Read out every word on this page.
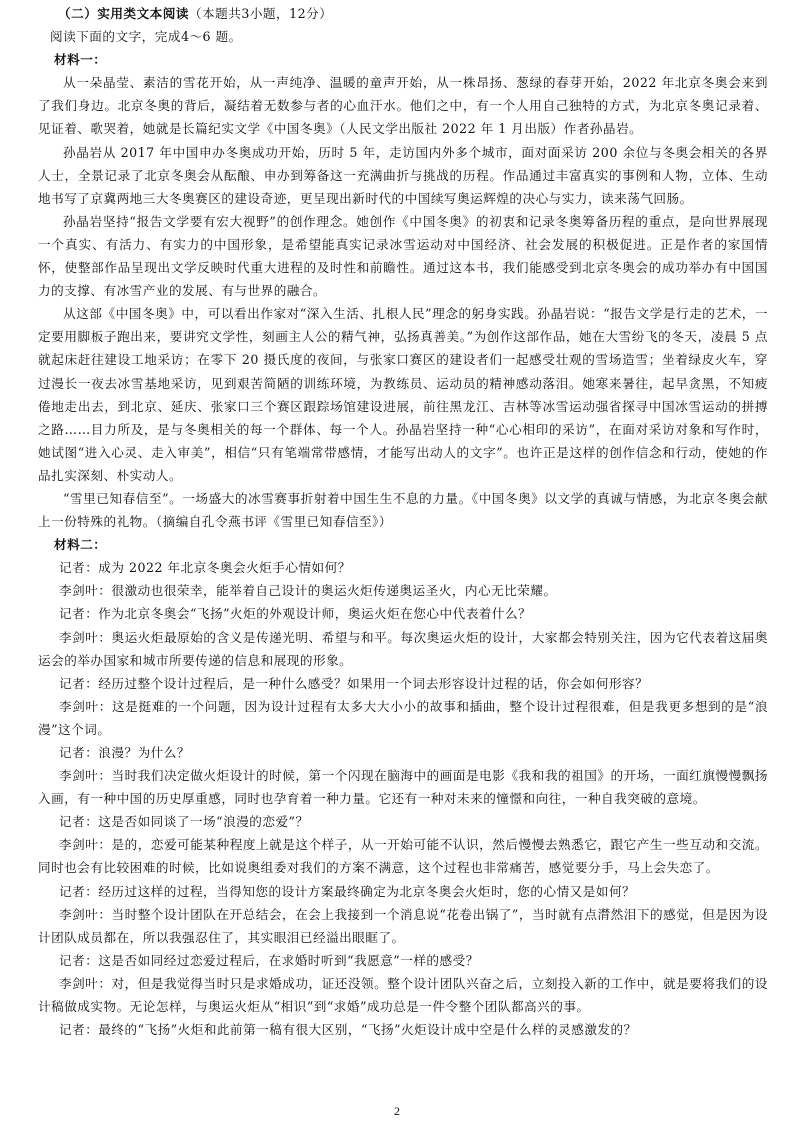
（二）实用类文本阅读（本题共3小题，12分）
阅读下面的文字，完成4～6 题。
材料一：

从一朵晶莹、素洁的雪花开始，从一声纯净、温暖的童声开始，从一株昂扬、葱绿的春芽开始，2022 年北京冬奥会来到了我们身边。北京冬奥的背后，凝结着无数参与者的心血汗水。他们之中，有一个人用自己独特的方式，为北京冬奥记录着、见证着、歌哭着，她就是长篇纪实文学《中国冬奥》（人民文学出版社 2022 年 1 月出版）作者孙晶岩。

孙晶岩从 2017 年中国申办冬奥成功开始，历时 5 年，走访国内外多个城市，面对面采访 200 余位与冬奥会相关的各界人士，全景记录了北京冬奥会从酝酿、申办到筹备这一充满曲折与挑战的历程。作品通过丰富真实的事例和人物，立体、生动地书写了京冀两地三大冬奥赛区的建设奇迹，更呈现出新时代的中国续写奥运辉煌的决心与实力，读来荡气回肠。

孙晶岩坚持“报告文学要有宏大视野”的创作理念。她创作《中国冬奥》的初衷和记录冬奥筹备历程的重点，是向世界展现一个真实、有活力、有实力的中国形象，是希望能真实记录冰雪运动对中国经济、社会发展的积极促进。正是作者的家国情怀，使整部作品呈现出文学反映时代重大进程的及时性和前瞻性。通过这本书，我们能感受到北京冬奥会的成功举办有中国国力的支撑、有冰雪产业的发展、有与世界的融合。

从这部《中国冬奥》中，可以看出作家对“深入生活、扎根人民”理念的躬身实践。孙晶岩说：“报告文学是行走的艺术，一定要用脚板子跑出来，要讲究文学性，刻画主人公的精气神，弘扬真善美。”为创作这部作品，她在大雪纷飞的冬天，凌晨 5 点就起床赶往建设工地采访；在零下 20 摄氏度的夜间，与张家口赛区的建设者们一起感受壮观的雪场造雪；坐着绿皮火车，穿过漫长一夜去冰雪基地采访，见到艰苦简陋的训练环境，为教练员、运动员的精神感动落泪。她寒来暑往，起早贪黑，不知疲倦地走出去，到北京、延庆、张家口三个赛区跟踪场馆建设进展，前往黑龙江、吉林等冰雪运动强省探寻中国冰雪运动的拼搏之路……目力所及，是与冬奥相关的每一个群体、每一个人。孙晶岩坚持一种“心心相印的采访”，在面对采访对象和写作时，她试图“进入心灵、走入审美”，相信“只有笔端常带感情，才能写出动人的文字”。也许正是这样的创作信念和行动，使她的作品扎实深刻、朴实动人。

“雪里已知春信至”。一场盛大的冰雪赛事折射着中国生生不息的力量。《中国冬奥》以文学的真诚与情感，为北京冬奥会献上一份特殊的礼物。（摘编自孔令燕书评《雪里已知春信至》）

材料二：

记者：成为 2022 年北京冬奥会火炬手心情如何？

李剑叶：很激动也很荣幸，能举着自己设计的奥运火炬传递奥运圣火，内心无比荣耀。

记者：作为北京冬奥会“飞扬”火炬的外观设计师，奥运火炬在您心中代表着什么？

李剑叶：奥运火炬最原始的含义是传递光明、希望与和平。每次奥运火炬的设计，大家都会特别关注，因为它代表着这届奥运会的举办国家和城市所要传递的信息和展现的形象。

记者：经历过整个设计过程后，是一种什么感受？如果用一个词去形容设计过程的话，你会如何形容？

李剑叶：这是挺难的一个问题，因为设计过程有太多大大小小的故事和插曲，整个设计过程很难，但是我更多想到的是“浪漫”这个词。

记者：浪漫？为什么？

李剑叶：当时我们决定做火炬设计的时候，第一个闪现在脑海中的画面是电影《我和我的祖国》的开场，一面红旗慢慢飘扬入画，有一种中国的历史厚重感，同时也孕育着一种力量。它还有一种对未来的憧憬和向往，一种自我突破的意境。

记者：这是否如同谈了一场“浪漫的恋爱”？

李剑叶：是的，恋爱可能某种程度上就是这个样子，从一开始可能不认识，然后慢慢去熟悉它，跟它产生一些互动和交流。同时也会有比较困难的时候，比如说奥组委对我们的方案不满意，这个过程也非常痛苦，感觉要分手，马上会失恋了。

记者：经历过这样的过程，当得知您的设计方案最终确定为北京冬奥会火炬时，您的心情又是如何？

李剑叶：当时整个设计团队在开总结会，在会上我接到一个消息说“花卷出锅了”，当时就有点潸然泪下的感觉，但是因为设计团队成员都在，所以我强忍住了，其实眼泪已经溢出眼眶了。

记者：这是否如同经过恋爱过程后，在求婚时听到“我愿意”一样的感受？

李剑叶：对，但是我觉得当时只是求婚成功，证还没领。整个设计团队兴奋之后，立刻投入新的工作中，就是要将我们的设计稿做成实物。无论怎样，与奥运火炬从“相识”到“求婚”成功总是一件令整个团队都高兴的事。

记者：最终的“飞扬”火炬和此前第一稿有很大区别，“飞扬”火炬设计成中空是什么样的灵感激发的？

2
